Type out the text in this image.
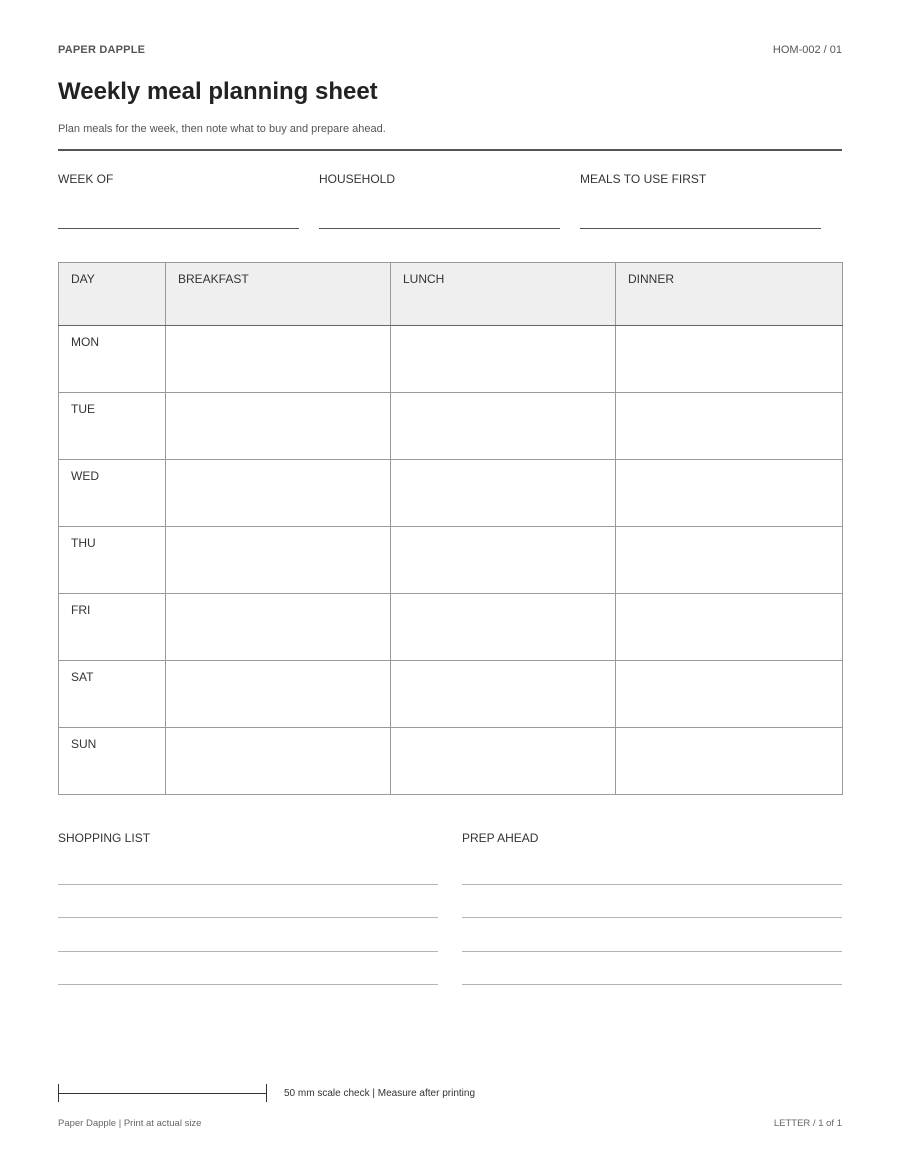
PAPER DAPPLE	HOM-002 / 01
Weekly meal planning sheet
Plan meals for the week, then note what to buy and prepare ahead.
WEEK OF	HOUSEHOLD	MEALS TO USE FIRST
DAY	BREAKFAST	LUNCH	DINNER
MON			
TUE			
WED			
THU			
FRI			
SAT			
SUN			
SHOPPING LIST	PREP AHEAD
50 mm scale check | Measure after printing
Paper Dapple | Print at actual size	LETTER / 1 of 1
